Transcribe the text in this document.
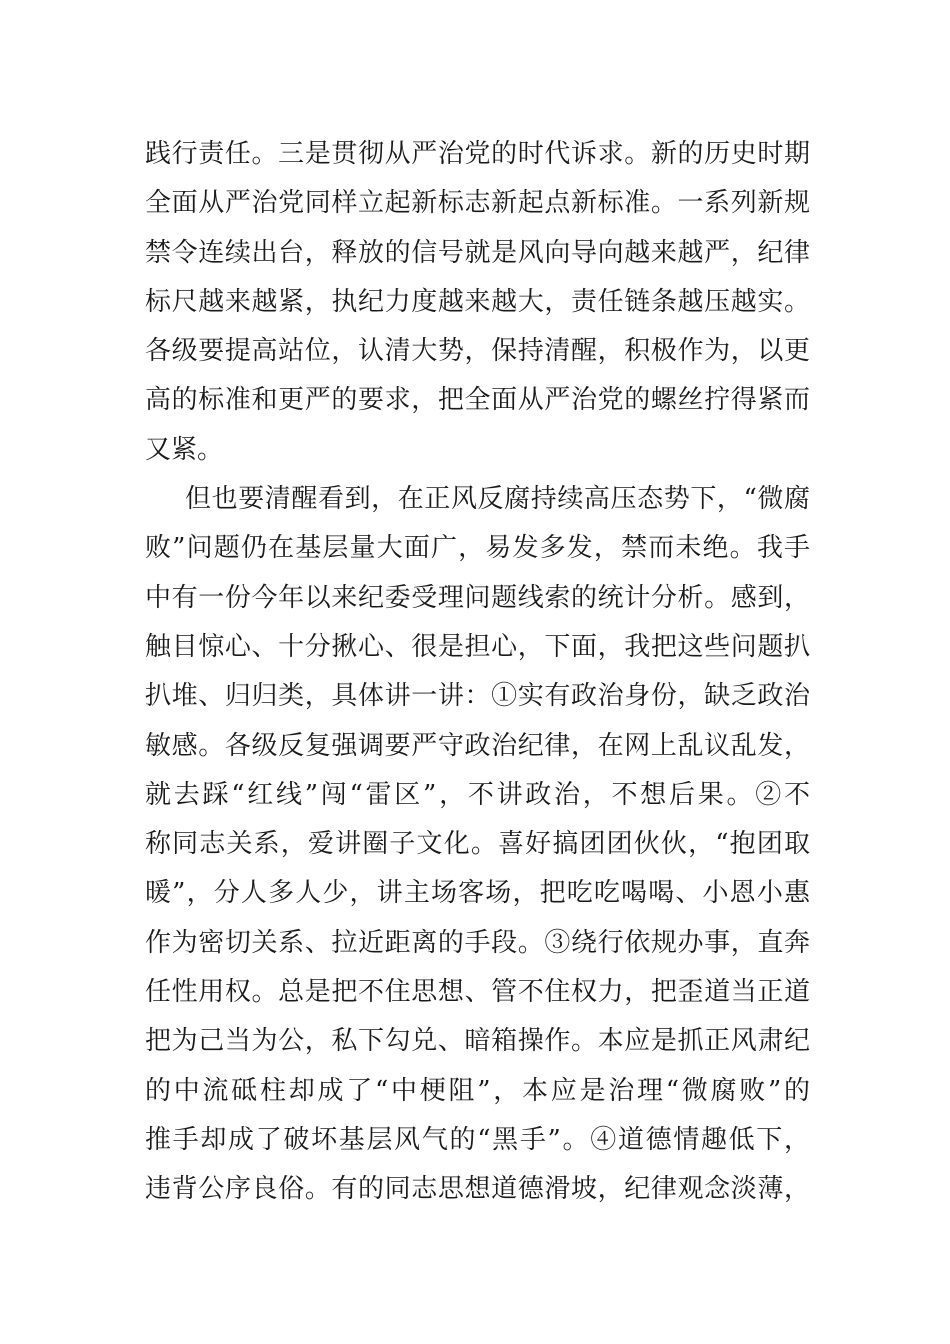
践行责任。三是贯彻从严治党的时代诉求。新的历史时期
全面从严治党同样立起新标志新起点新标准。一系列新规
禁令连续出台，释放的信号就是风向导向越来越严，纪律
标尺越来越紧，执纪力度越来越大，责任链条越压越实。
各级要提高站位，认清大势，保持清醒，积极作为，以更
高的标准和更严的要求，把全面从严治党的螺丝拧得紧而
又紧。
但也要清醒看到，在正风反腐持续高压态势下，“微腐
败”问题仍在基层量大面广，易发多发，禁而未绝。我手
中有一份今年以来纪委受理问题线索的统计分析。感到，
触目惊心、十分揪心、很是担心，下面，我把这些问题扒
扒堆、归归类，具体讲一讲：①实有政治身份，缺乏政治
敏感。各级反复强调要严守政治纪律，在网上乱议乱发，
就去踩“红线”闯“雷区”，不讲政治，不想后果。②不
称同志关系，爱讲圈子文化。喜好搞团团伙伙，“抱团取
暖”，分人多人少，讲主场客场，把吃吃喝喝、小恩小惠
作为密切关系、拉近距离的手段。③绕行依规办事，直奔
任性用权。总是把不住思想、管不住权力，把歪道当正道
把为己当为公，私下勾兑、暗箱操作。本应是抓正风肃纪
的中流砥柱却成了“中梗阻”，本应是治理“微腐败”的
推手却成了破坏基层风气的“黑手”。④道德情趣低下，
违背公序良俗。有的同志思想道德滑坡，纪律观念淡薄，
